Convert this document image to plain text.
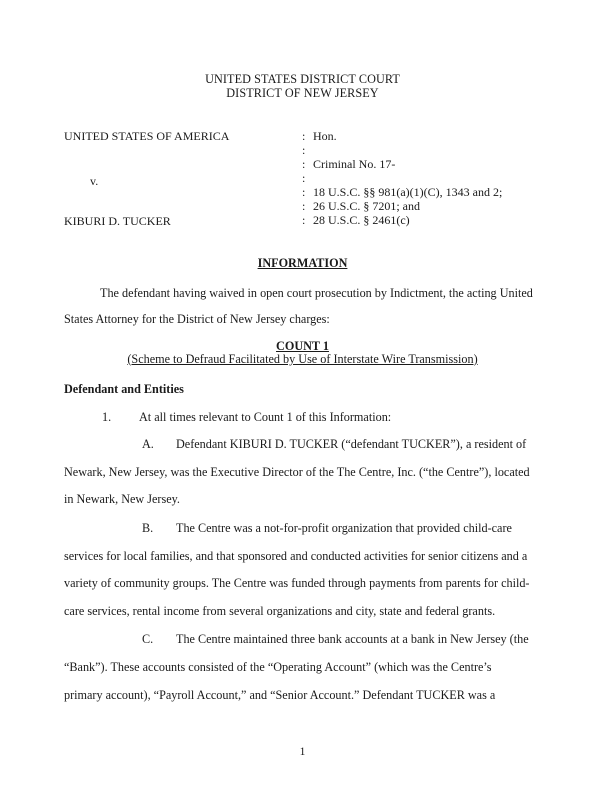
UNITED STATES DISTRICT COURT
DISTRICT OF NEW JERSEY
UNITED STATES OF AMERICA
v.
KIBURI D. TUCKER
:
:
:
:
:
:
:
Hon.
Criminal No. 17-
18 U.S.C. §§ 981(a)(1)(C), 1343 and 2;
26 U.S.C. § 7201; and
28 U.S.C. § 2461(c)
INFORMATION
The defendant having waived in open court prosecution by Indictment, the acting United
States Attorney for the District of New Jersey charges:
COUNT 1
(Scheme to Defraud Facilitated by Use of Interstate Wire Transmission)
Defendant and Entities
1. At all times relevant to Count 1 of this Information:
A. Defendant KIBURI D. TUCKER (“defendant TUCKER”), a resident of
Newark, New Jersey, was the Executive Director of the The Centre, Inc. (“the Centre”), located
in Newark, New Jersey.
B. The Centre was a not-for-profit organization that provided child-care
services for local families, and that sponsored and conducted activities for senior citizens and a
variety of community groups. The Centre was funded through payments from parents for child-
care services, rental income from several organizations and city, state and federal grants.
C. The Centre maintained three bank accounts at a bank in New Jersey (the
“Bank”). These accounts consisted of the “Operating Account” (which was the Centre’s
primary account), “Payroll Account,” and “Senior Account.” Defendant TUCKER was a
1
